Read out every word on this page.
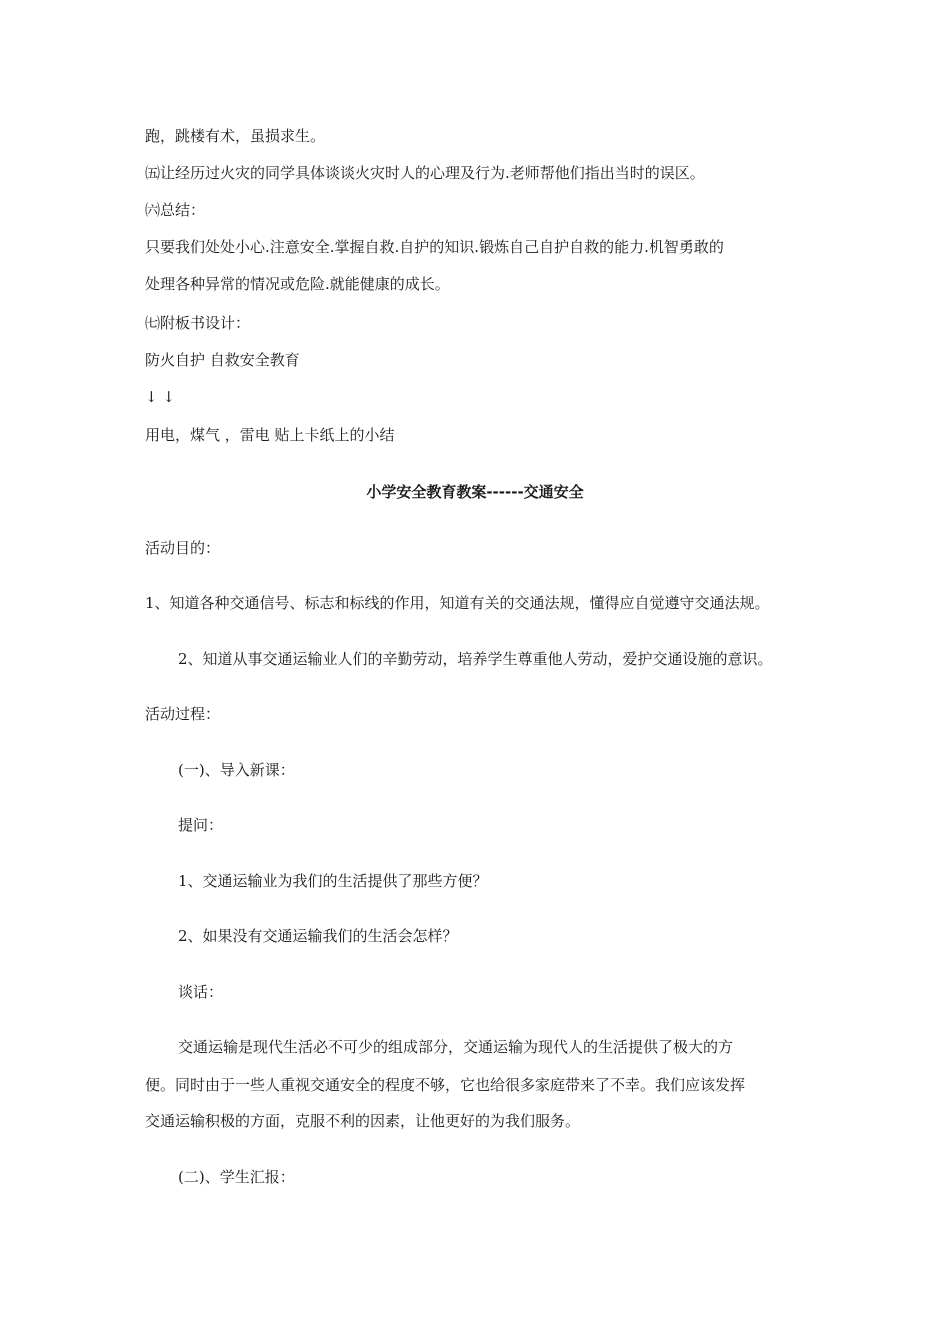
跑，跳楼有术，虽损求生。
㈤让经历过火灾的同学具体谈谈火灾时人的心理及行为.老师帮他们指出当时的误区。
㈥总结：
只要我们处处小心.注意安全.掌握自救.自护的知识.锻炼自己自护自救的能力.机智勇敢的
处理各种异常的情况或危险.就能健康的成长。
㈦附板书设计：
防火自护 自救安全教育
↓ ↓
用电，煤气 ，雷电 贴上卡纸上的小结
小学安全教育教案------交通安全
活动目的：
1、知道各种交通信号、标志和标线的作用，知道有关的交通法规，懂得应自觉遵守交通法规。
2、知道从事交通运输业人们的辛勤劳动，培养学生尊重他人劳动，爱护交通设施的意识。
活动过程：
(一)、导入新课：
提问：
1、交通运输业为我们的生活提供了那些方便？
2、如果没有交通运输我们的生活会怎样？
谈话：
交通运输是现代生活必不可少的组成部分，交通运输为现代人的生活提供了极大的方
便。同时由于一些人重视交通安全的程度不够，它也给很多家庭带来了不幸。我们应该发挥
交通运输积极的方面，克服不利的因素，让他更好的为我们服务。
(二)、学生汇报：
